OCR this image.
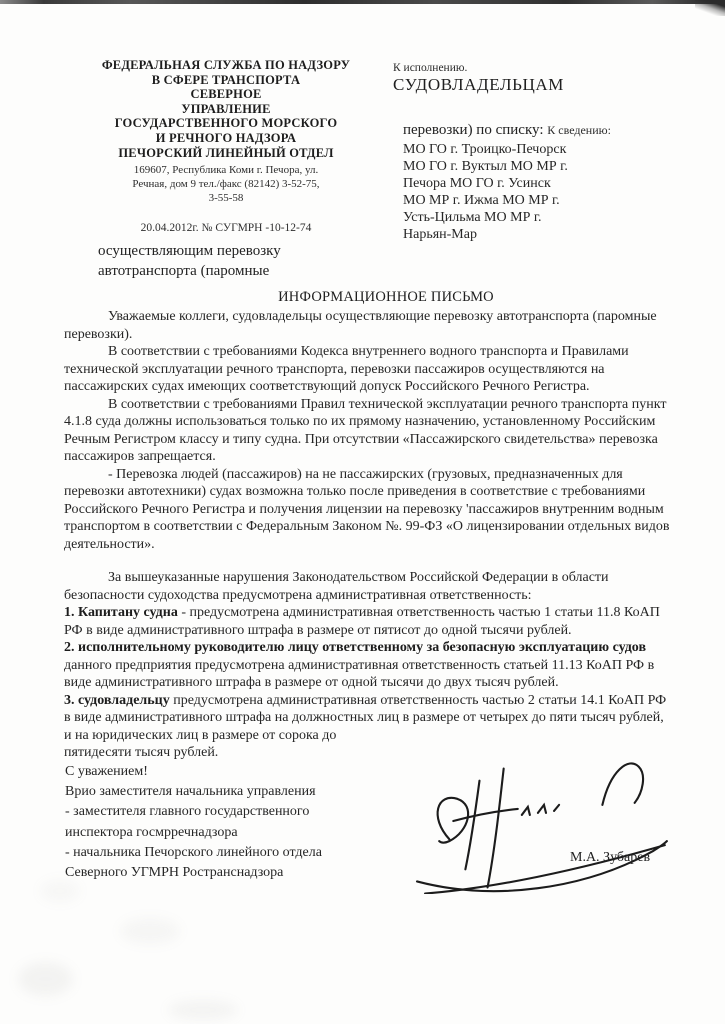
ФЕДЕРАЛЬНАЯ СЛУЖБА ПО НАДЗОРУ
В СФЕРЕ ТРАНСПОРТА
СЕВЕРНОЕ
УПРАВЛЕНИЕ
ГОСУДАРСТВЕННОГО МОРСКОГО
И РЕЧНОГО НАДЗОРА
ПЕЧОРСКИЙ ЛИНЕЙНЫЙ ОТДЕЛ
169607, Республика Коми г. Печора, ул.
Речная, дом 9 тел./факс (82142) 3-52-75,
3-55-58
20.04.2012г. № СУГМРН -10-12-74
осуществляющим перевозку
автотранспорта (паромные
К исполнению.
СУДОВЛАДЕЛЬЦАМ
перевозки) по списку: К сведению:
МО ГО г. Троицко-Печорск
МО ГО г. Вуктыл МО МР г.
Печора МО ГО г. Усинск
МО МР г. Ижма МО МР г.
Усть-Цильма МО МР г.
Нарьян-Мар
ИНФОРМАЦИОННОЕ ПИСЬМО

Уважаемые коллеги, судовладельцы осуществляющие перевозку автотранспорта (паромные перевозки).

В соответствии с требованиями Кодекса внутреннего водного транспорта и Правилами технической эксплуатации речного транспорта, перевозки пассажиров осуществляются на пассажирских судах имеющих соответствующий допуск Российского Речного Регистра.

В соответствии с требованиями Правил технической эксплуатации речного транспорта пункт 4.1.8 суда должны использоваться только по их прямому назначению, установленному Российским Речным Регистром классу и типу судна. При отсутствии «Пассажирского свидетельства» перевозка пассажиров запрещается.

- Перевозка людей (пассажиров) на не пассажирских (грузовых, предназначенных для перевозки автотехники) судах возможна только после приведения в соответствие с требованиями Российского Речного Регистра и получения лицензии на перевозку 'пассажиров внутренним водным транспортом в соответствии с Федеральным Законом №. 99-ФЗ «О лицензировании отдельных видов деятельности».

За вышеуказанные нарушения Законодательством Российской Федерации в области безопасности судоходства предусмотрена административная ответственность:

1. Капитану судна - предусмотрена административная ответственность частью 1 статьи 11.8 КоАП РФ в виде административного штрафа в размере от пятисот до одной тысячи рублей.

2. исполнительному руководителю лицу ответственному за безопасную эксплуатацию судов данного предприятия предусмотрена административная ответственность статьей 11.13 КоАП РФ в виде административного штрафа в размере от одной тысячи до двух тысяч рублей.

3. судовладельцу предусмотрена административная ответственность частью 2 статьи 14.1 КоАП РФ в виде административного штрафа на должностных лиц в размере от четырех до пяти тысяч рублей, и на юридических лиц в размере от сорока до
пятидесяти тысяч рублей.

С уважением!
Врио заместителя начальника управления
- заместителя главного государственного
инспектора госмрречнадзора
- начальника Печорского линейного отдела
Северного УГМРН Ространснадзора
М.А. Зубарев
